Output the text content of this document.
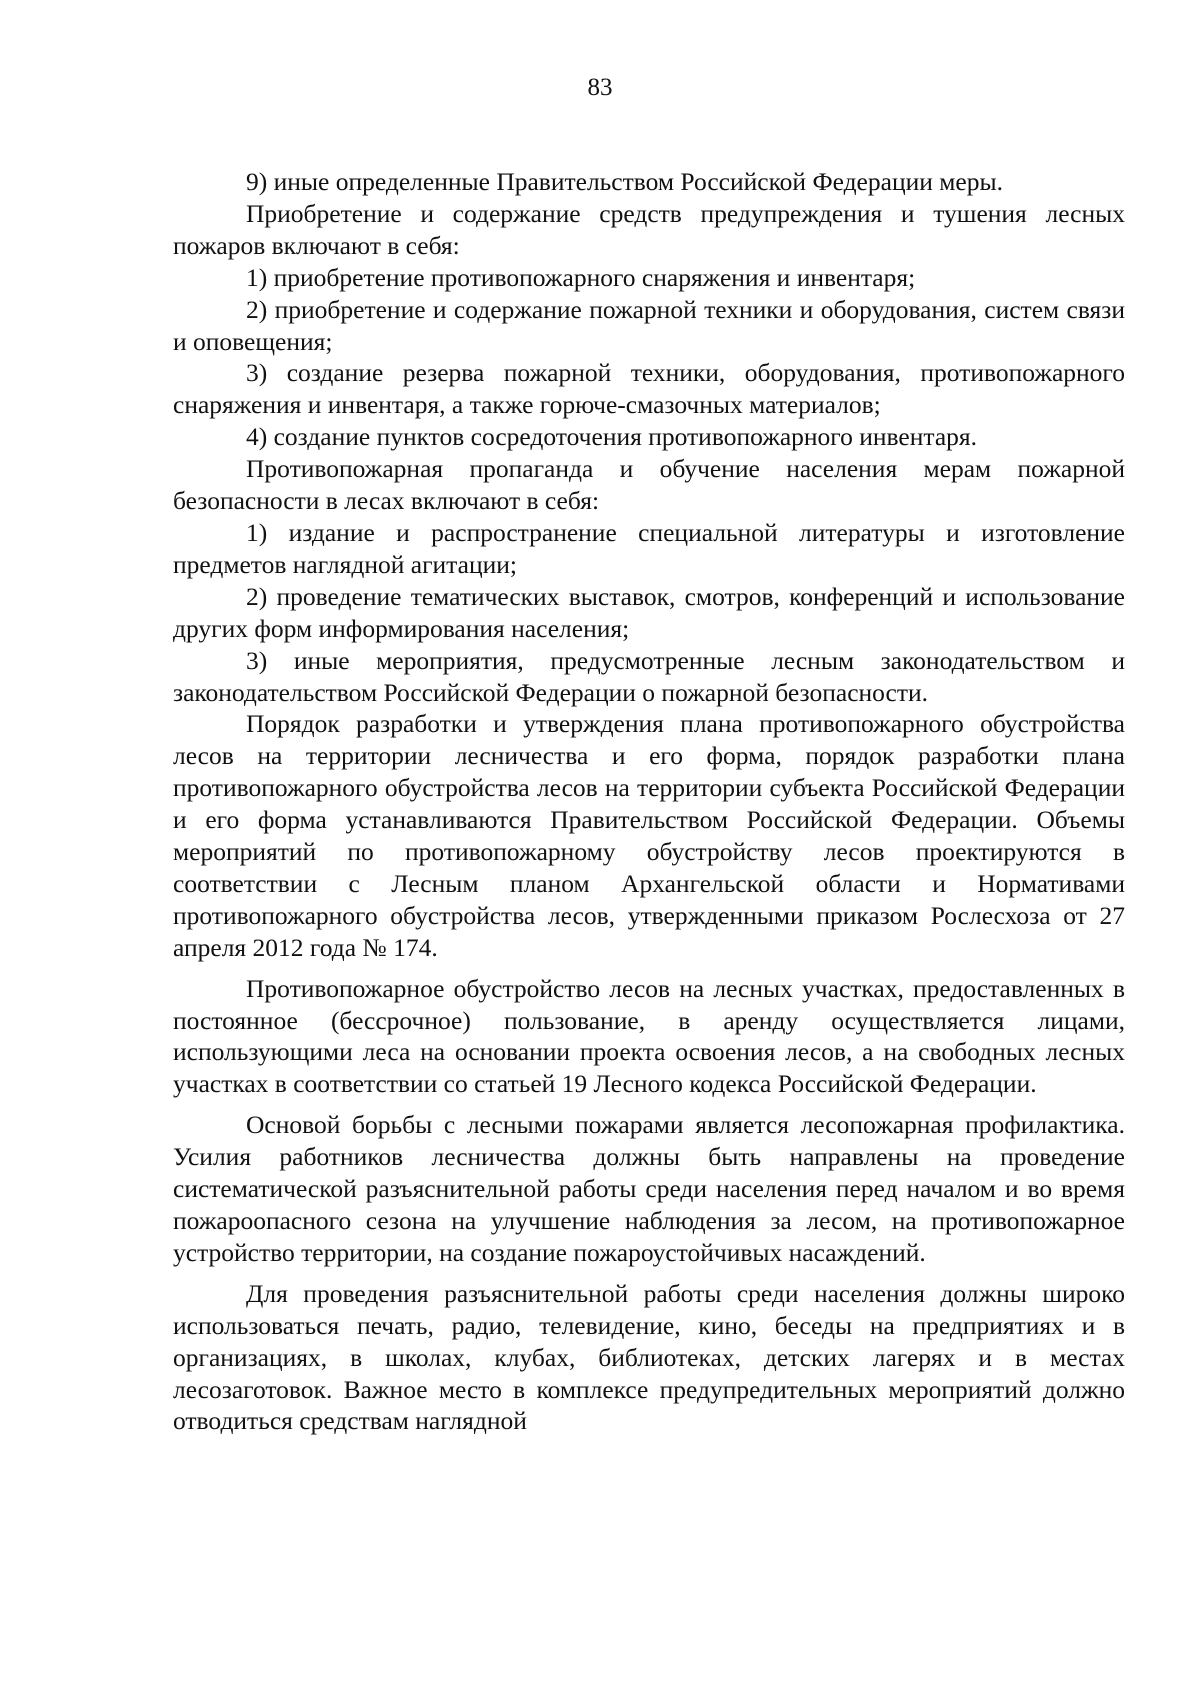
83

9) иные определенные Правительством Российской Федерации меры.

Приобретение и содержание средств предупреждения и тушения лесных пожаров включают в себя:

1) приобретение противопожарного снаряжения и инвентаря;

2) приобретение и содержание пожарной техники и оборудования, систем связи и оповещения;

3) создание резерва пожарной техники, оборудования, противопожарного снаряжения и инвентаря, а также горюче-смазочных материалов;

4) создание пунктов сосредоточения противопожарного инвентаря.

Противопожарная пропаганда и обучение населения мерам пожарной безопасности в лесах включают в себя:

1) издание и распространение специальной литературы и изготовление предметов наглядной агитации;

2) проведение тематических выставок, смотров, конференций и использование других форм информирования населения;

3) иные мероприятия, предусмотренные лесным законодательством и законодательством Российской Федерации о пожарной безопасности.

Порядок разработки и утверждения плана противопожарного обустройства лесов на территории лесничества и его форма, порядок разработки плана противопожарного обустройства лесов на территории субъекта Российской Федерации и его форма устанавливаются Правительством Российской Федерации. Объемы мероприятий по противопожарному обустройству лесов проектируются в соответствии с Лесным планом Архангельской области и Нормативами противопожарного обустройства лесов, утвержденными приказом Рослесхоза от 27 апреля 2012 года № 174.

Противопожарное обустройство лесов на лесных участках, предоставленных в постоянное (бессрочное) пользование, в аренду осуществляется лицами, использующими леса на основании проекта освоения лесов, а на свободных лесных участках в соответствии со статьей 19 Лесного кодекса Российской Федерации.

Основой борьбы с лесными пожарами является лесопожарная профилактика. Усилия работников лесничества должны быть направлены на проведение систематической разъяснительной работы среди населения перед началом и во время пожароопасного сезона на улучшение наблюдения за лесом, на противопожарное устройство территории, на создание пожароустойчивых насаждений.

Для проведения разъяснительной работы среди населения должны широко использоваться печать, радио, телевидение, кино, беседы на предприятиях и в организациях, в школах, клубах, библиотеках, детских лагерях и в местах лесозаготовок. Важное место в комплексе предупредительных мероприятий должно отводиться средствам наглядной
